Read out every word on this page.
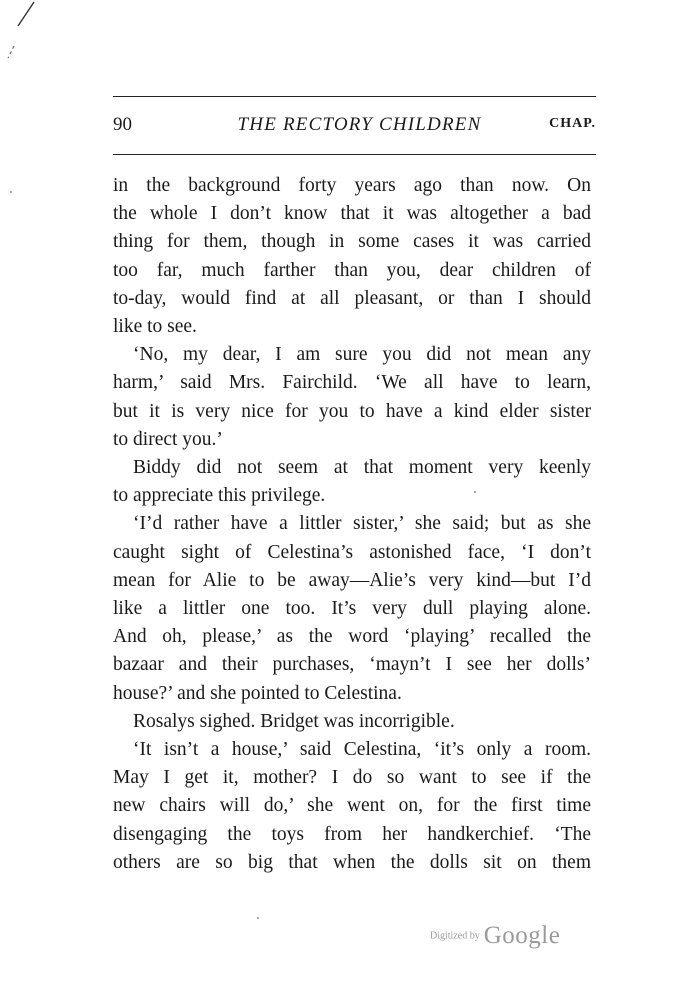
90	THE RECTORY CHILDREN	CHAP.
in the background forty years ago than now. On
the whole I don’t know that it was altogether a bad
thing for them, though in some cases it was carried
too far, much farther than you, dear children of
to-day, would find at all pleasant, or than I should
like to see.
‘No, my dear, I am sure you did not mean any
harm,’ said Mrs. Fairchild. ‘We all have to learn,
but it is very nice for you to have a kind elder sister
to direct you.’
Biddy did not seem at that moment very keenly
to appreciate this privilege.
‘I’d rather have a littler sister,’ she said; but as she
caught sight of Celestina’s astonished face, ‘I don’t
mean for Alie to be away—Alie’s very kind—but I’d
like a littler one too. It’s very dull playing alone.
And oh, please,’ as the word ‘playing’ recalled the
bazaar and their purchases, ‘mayn’t I see her dolls’
house?’ and she pointed to Celestina.
Rosalys sighed. Bridget was incorrigible.
‘It isn’t a house,’ said Celestina, ‘it’s only a room.
May I get it, mother? I do so want to see if the
new chairs will do,’ she went on, for the first time
disengaging the toys from her handkerchief. ‘The
others are so big that when the dolls sit on them
Digitized by Google
